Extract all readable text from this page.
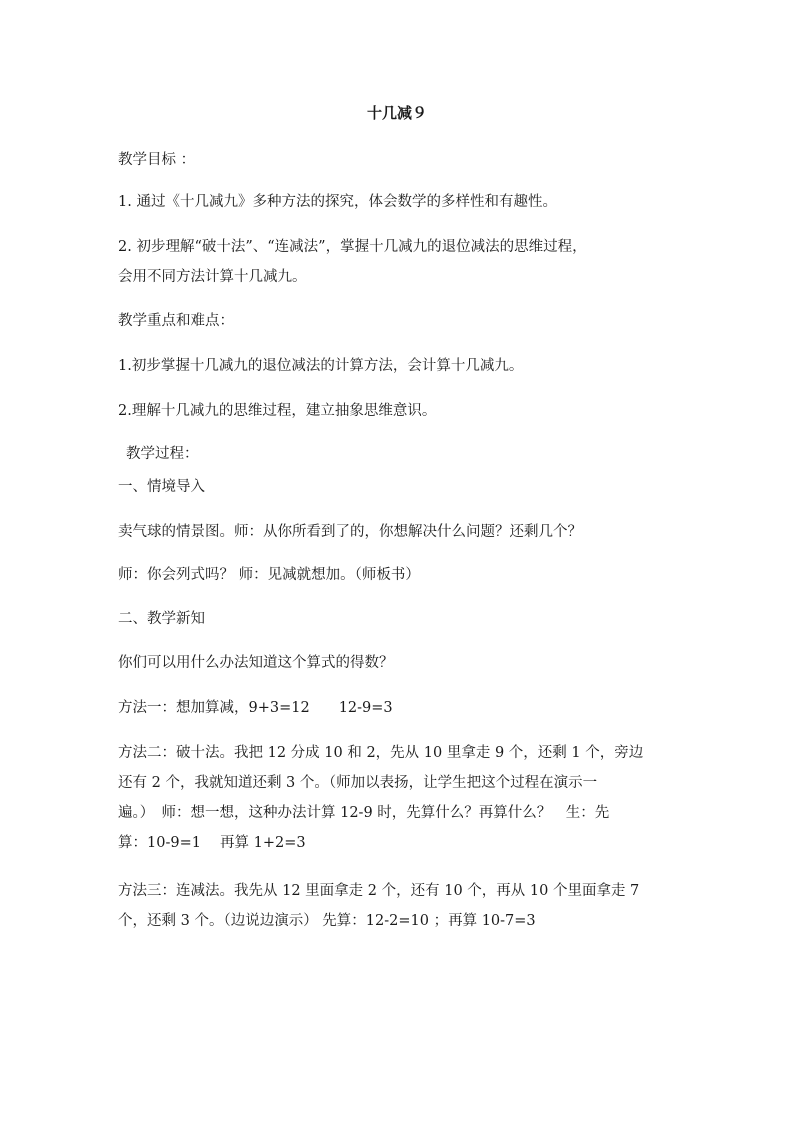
十几减９
教学目标 ：
1. 通过《十几减九》多种方法的探究，体会数学的多样性和有趣性。
2. 初步理解“破十法”、“连减法”，掌握十几减九的退位减法的思维过程，
会用不同方法计算十几减九。
教学重点和难点：
1.初步掌握十几减九的退位减法的计算方法，会计算十几减九。
2.理解十几减九的思维过程，建立抽象思维意识。
教学过程：
一、情境导入
卖气球的情景图。师：从你所看到了的，你想解决什么问题？还剩几个？
师：你会列式吗？ 师：见减就想加。（师板书）
二、教学新知
你们可以用什么办法知道这个算式的得数？
方法一：想加算减，9+3=12　　12-9=3
方法二：破十法。我把 12 分成 10 和 2，先从 10 里拿走 9 个，还剩 1 个，旁边
还有 2 个，我就知道还剩 3 个。（师加以表扬，让学生把这个过程在演示一
遍。）　师：想一想，这种办法计算 12-9 时，先算什么？再算什么？　生：先
算：10-9=1　 再算 1+2=3
方法三：连减法。我先从 12 里面拿走 2 个，还有 10 个，再从 10 个里面拿走 7
个，还剩 3 个。（边说边演示） 先算：12-2=10 ；再算 10-7=3
